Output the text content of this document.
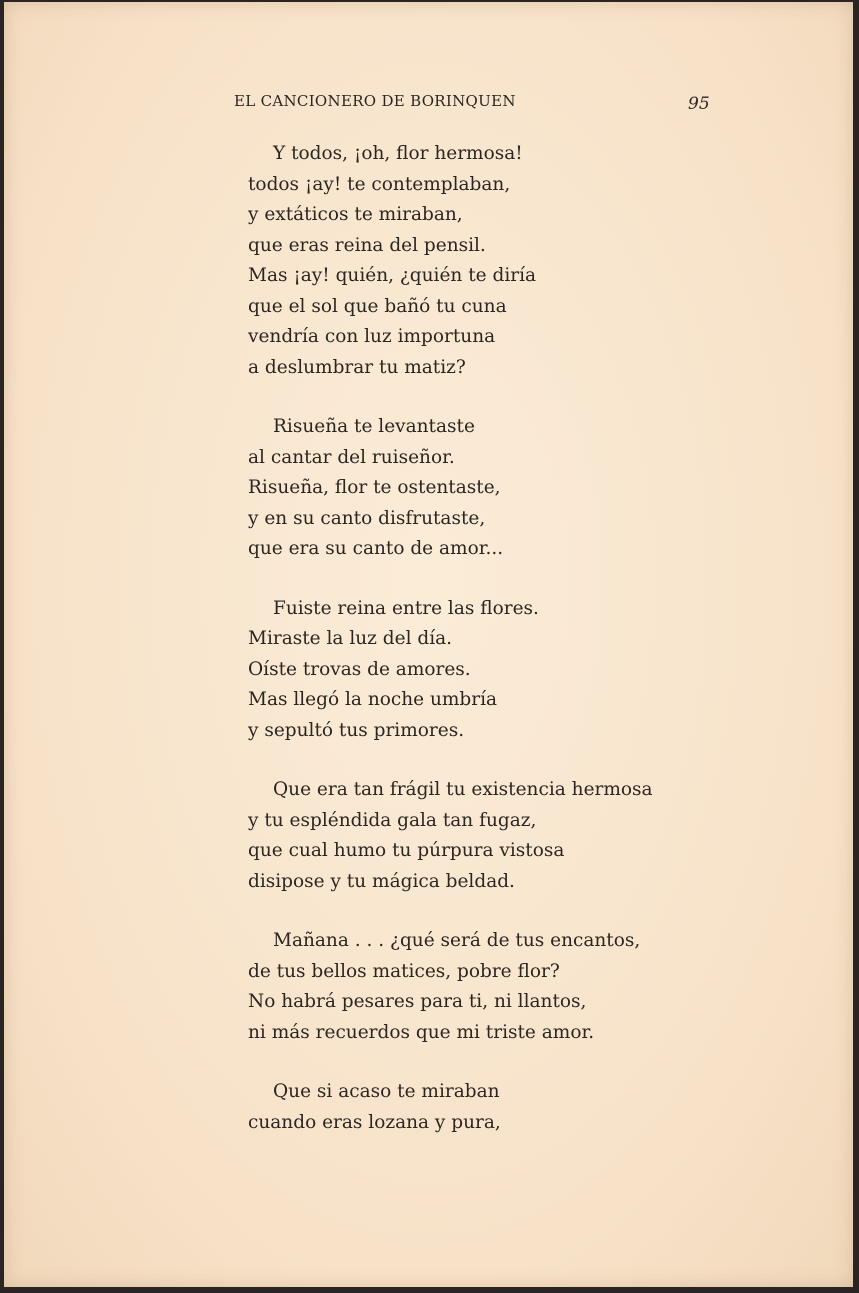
EL CANCIONERO DE BORINQUEN	95
Y todos, ¡oh, flor hermosa!
todos ¡ay! te contemplaban,
y extáticos te miraban,
que eras reina del pensil.
Mas ¡ay! quién, ¿quién te diría
que el sol que bañó tu cuna
vendría con luz importuna
a deslumbrar tu matiz?
Risueña te levantaste
al cantar del ruiseñor.
Risueña, flor te ostentaste,
y en su canto disfrutaste,
que era su canto de amor...
Fuiste reina entre las flores.
Miraste la luz del día.
Oíste trovas de amores.
Mas llegó la noche umbría
y sepultó tus primores.
Que era tan frágil tu existencia hermosa
y tu espléndida gala tan fugaz,
que cual humo tu púrpura vistosa
disipose y tu mágica beldad.
Mañana . . . ¿qué será de tus encantos,
de tus bellos matices, pobre flor?
No habrá pesares para ti, ni llantos,
ni más recuerdos que mi triste amor.
Que si acaso te miraban
cuando eras lozana y pura,
